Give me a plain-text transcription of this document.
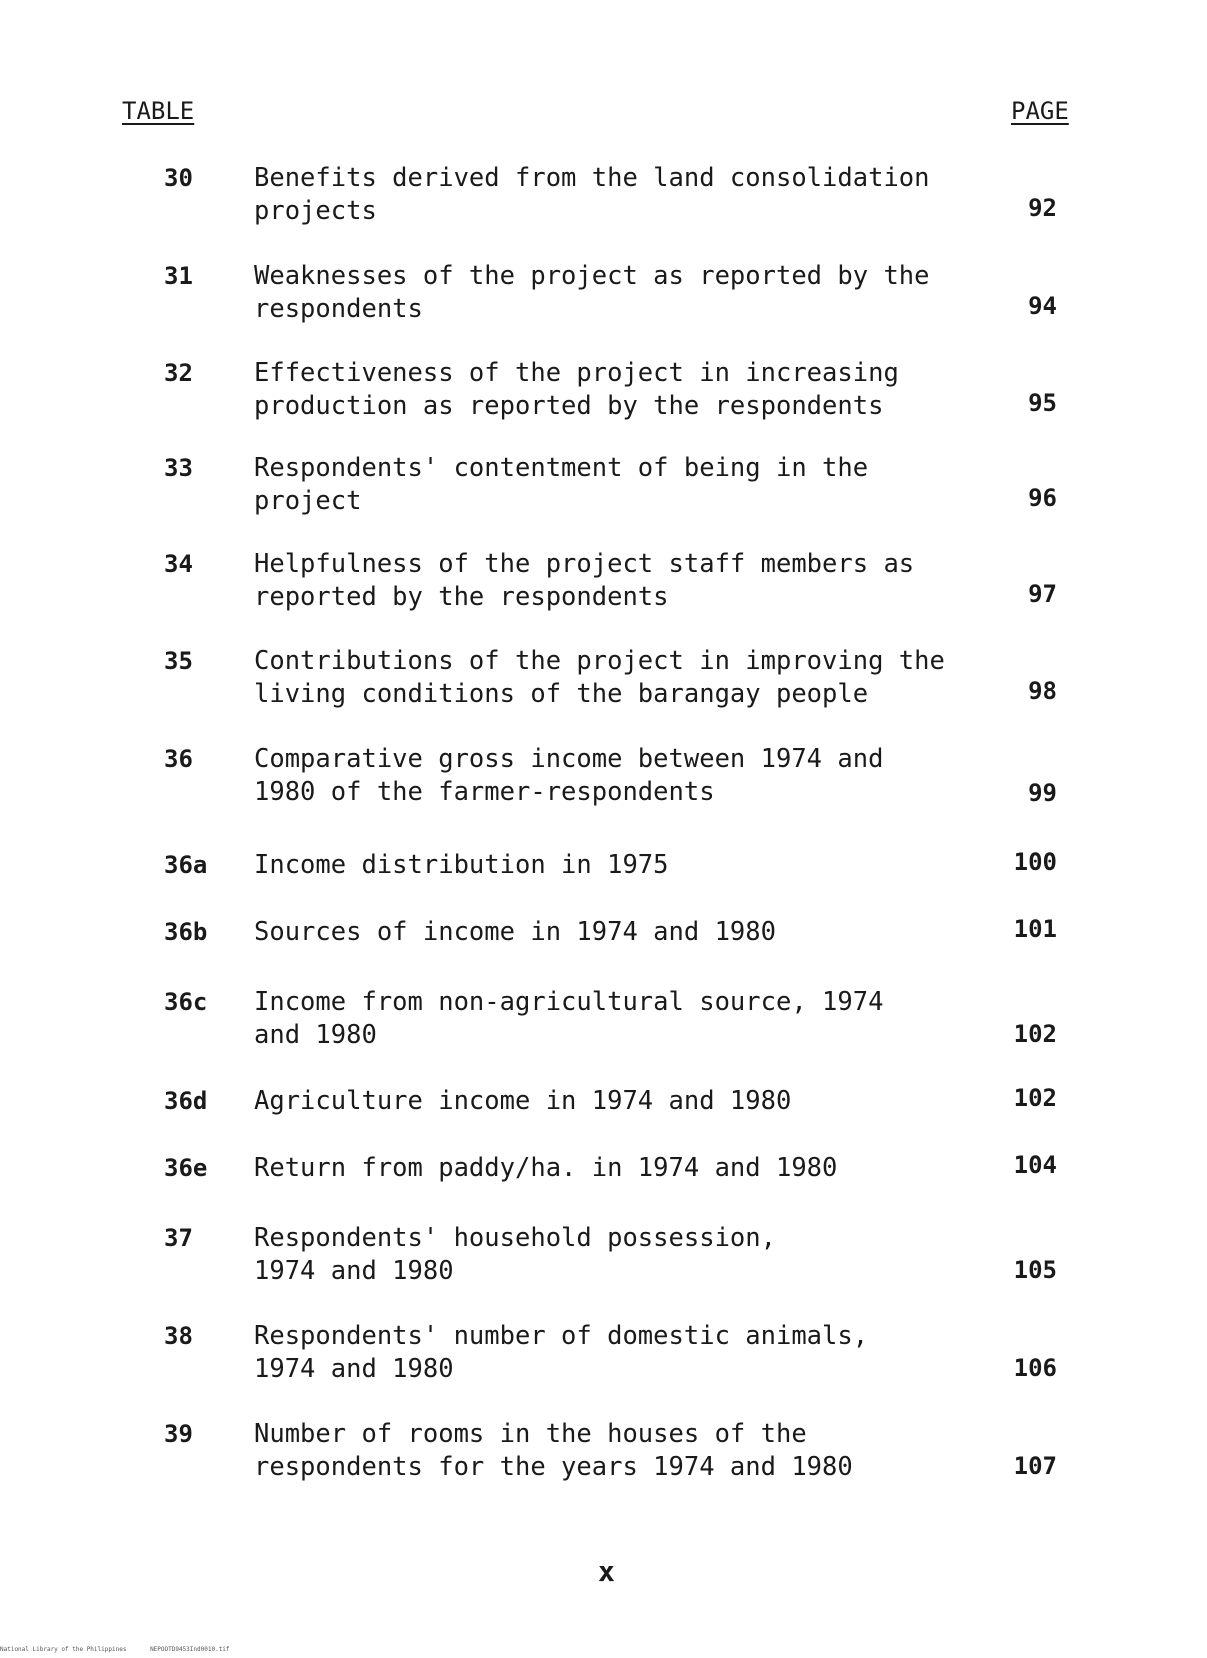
TABLE	PAGE
30 Benefits derived from the land consolidation
projects	92
31 Weaknesses of the project as reported by the
respondents	94
32 Effectiveness of the project in increasing
production as reported by the respondents	95
33 Respondents' contentment of being in the
project	96
34 Helpfulness of the project staff members as
reported by the respondents	97
35 Contributions of the project in improving the
living conditions of the barangay people	98
36 Comparative gross income between 1974 and
1980 of the farmer-respondents	99
36a Income distribution in 1975	100
36b Sources of income in 1974 and 1980	101
36c Income from non-agricultural source, 1974
and 1980	102
36d Agriculture income in 1974 and 1980	102
36e Return from paddy/ha. in 1974 and 1980	104
37 Respondents' household possession,
1974 and 1980	105
38 Respondents' number of domestic animals,
1974 and 1980	106
39 Number of rooms in the houses of the
respondents for the years 1974 and 1980	107
x
National Library of the Philippines	NEPOOTD9453Ind0010.tif
